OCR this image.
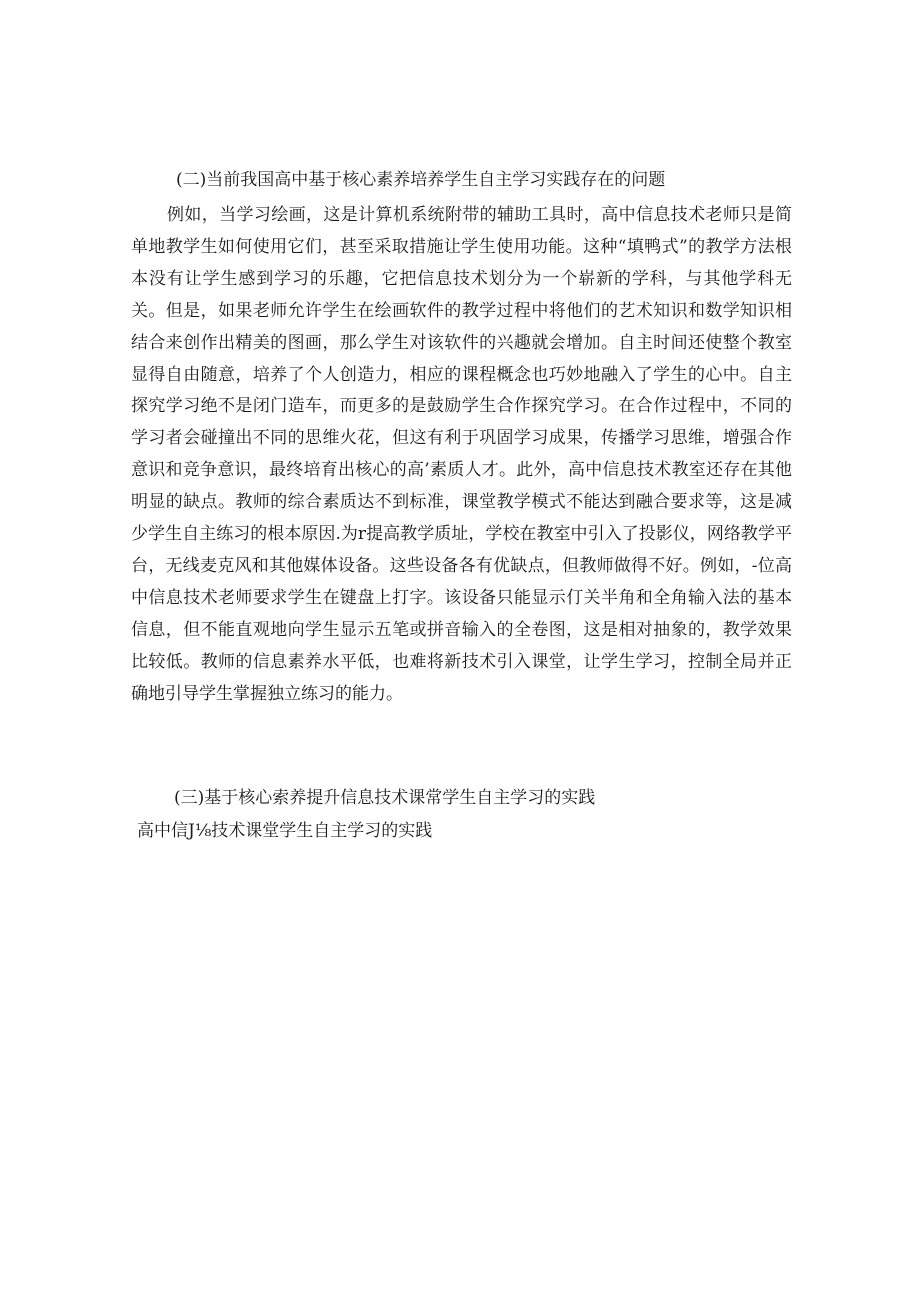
(二)当前我国高中基于核心素养培养学生自主学习实践存在的问题

例如，当学习绘画，这是计算机系统附带的辅助工具时，高中信息技术老师只是简单地教学生如何使用它们，甚至采取措施让学生使用功能。这种“填鸭式”的教学方法根本没有让学生感到学习的乐趣，它把信息技术划分为一个崭新的学科，与其他学科无关。但是，如果老师允许学生在绘画软件的教学过程中将他们的艺术知识和数学知识相结合来创作出精美的图画，那么学生对该软件的兴趣就会增加。自主时间还使整个教室显得自由随意，培养了个人创造力，相应的课程概念也巧妙地融入了学生的心中。自主探究学习绝不是闭门造车，而更多的是鼓励学生合作探究学习。在合作过程中，不同的学习者会碰撞出不同的思维火花，但这有利于巩固学习成果，传播学习思维，增强合作意识和竞争意识，最终培育出核心的高’素质人才。此外，高中信息技术教室还存在其他明显的缺点。教师的综合素质达不到标准，课堂教学模式不能达到融合要求等，这是减少学生自主练习的根本原因.为r提高教学质址，学校在教室中引入了投影仪，网络教学平台，无线麦克风和其他媒体设备。这些设备各有优缺点，但教师做得不好。例如，-位高中信息技术老师要求学生在键盘上打字。该设备只能显示仃关半角和全角输入法的基本信息，但不能直观地向学生显示五笔或拼音输入的全卷图，这是相对抽象的，教学效果比较低。教师的信息素养水平低，也难将新技术引入课堂，让学生学习，控制全局并正确地引导学生掌握独立练习的能力。

(三)基于核心索养提升信息技术课常学生自主学习的实践
高中信J⅛技术课堂学生自主学习的实践
